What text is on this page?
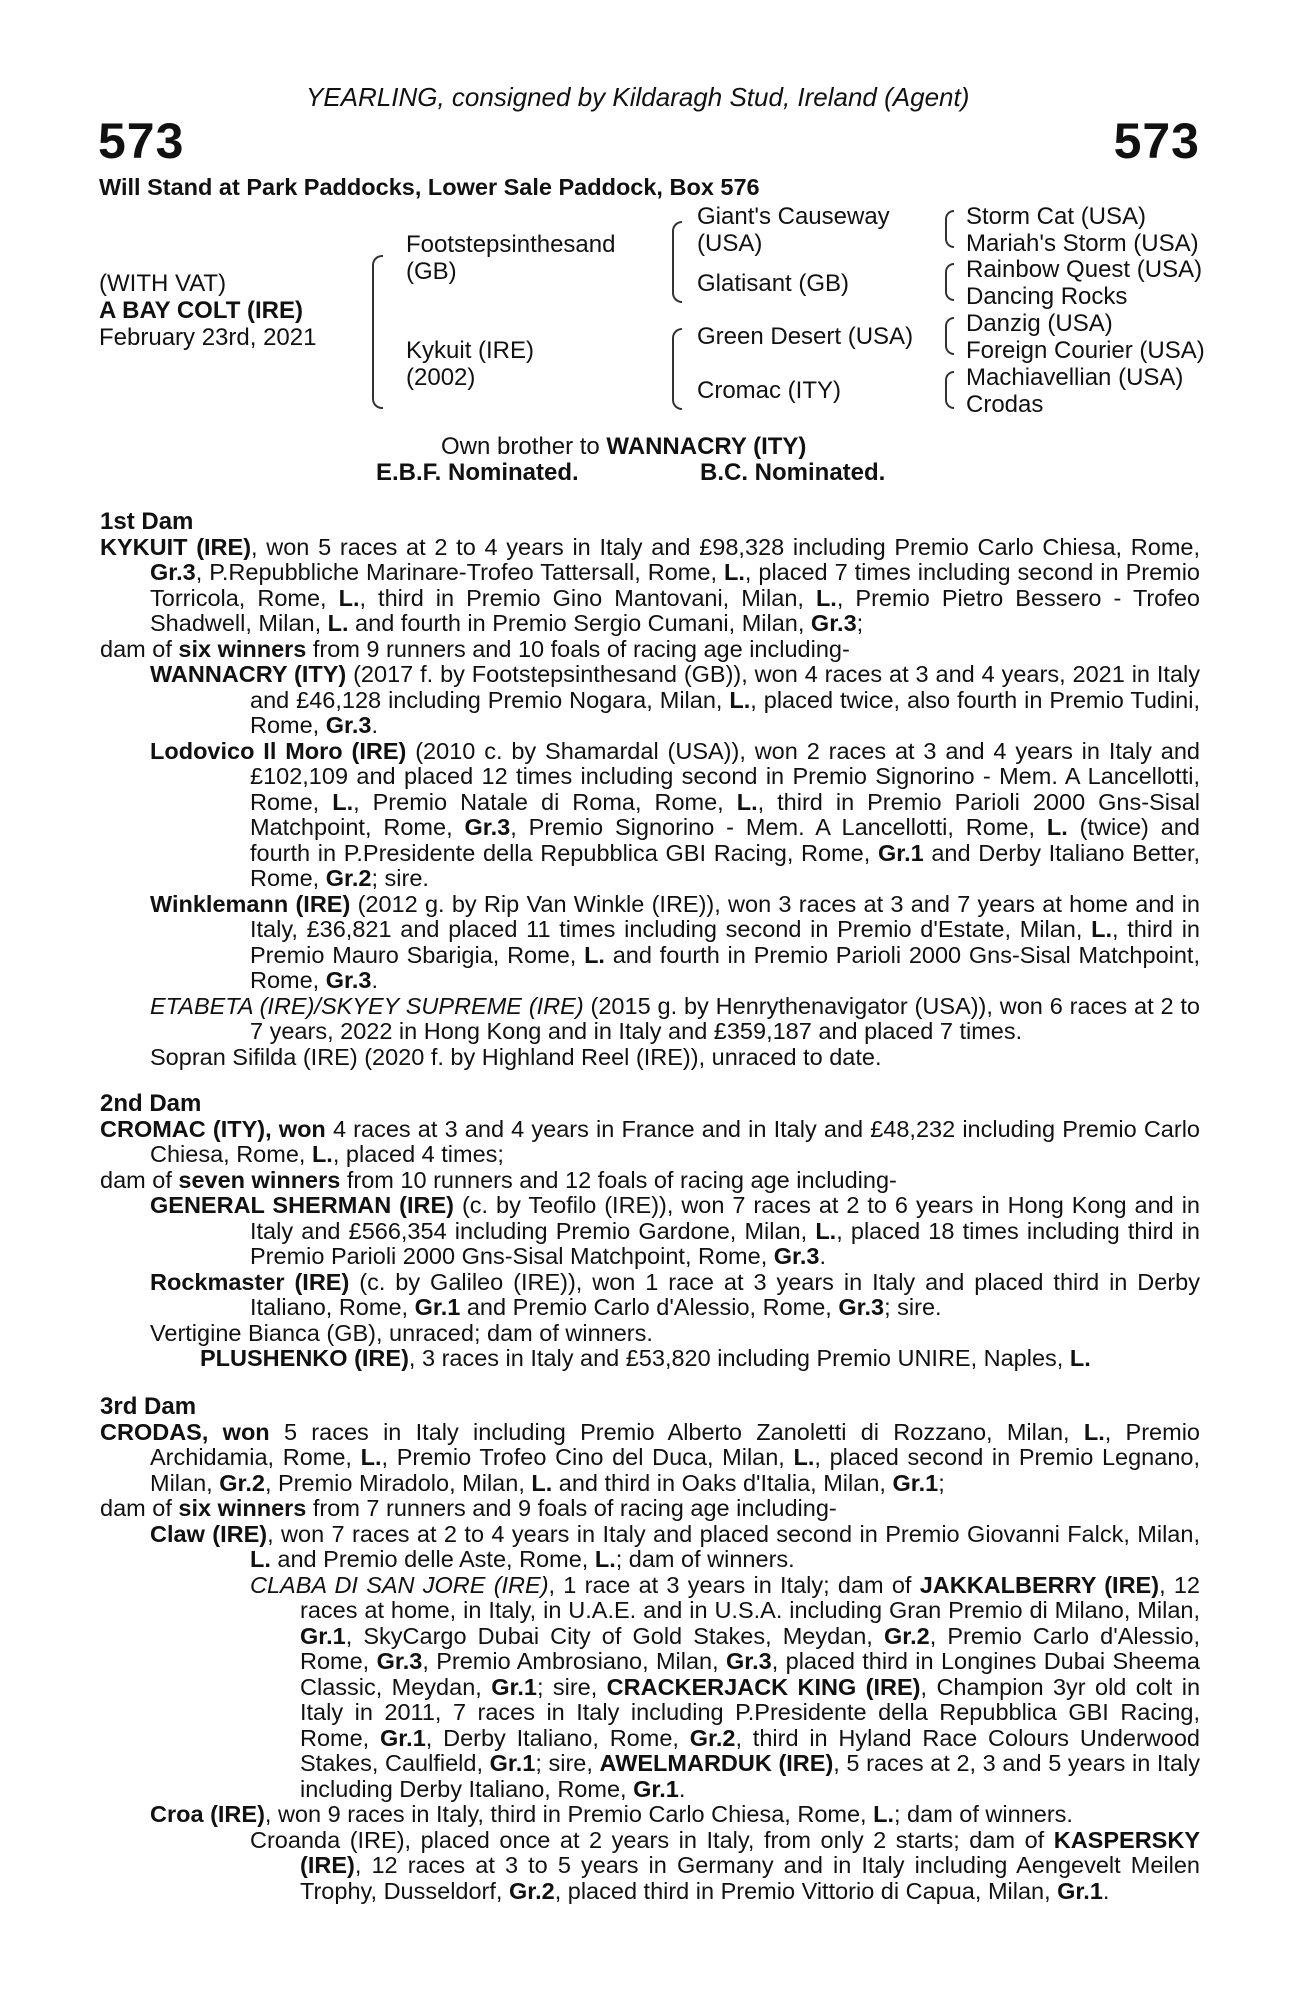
YEARLING, consigned by Kildaragh Stud, Ireland (Agent)
573	573
Will Stand at Park Paddocks, Lower Sale Paddock, Box 576
(WITH VAT)
A BAY COLT (IRE)
February 23rd, 2021
Footstepsinthesand
(GB)
Kykuit (IRE)
(2002)
Giant's Causeway
(USA)
Glatisant (GB)
Green Desert (USA)
Cromac (ITY)
Storm Cat (USA)
Mariah's Storm (USA)
Rainbow Quest (USA)
Dancing Rocks
Danzig (USA)
Foreign Courier (USA)
Machiavellian (USA)
Crodas
Own brother to WANNACRY (ITY)
E.B.F. Nominated.	B.C. Nominated.

1st Dam

KYKUIT (IRE), won 5 races at 2 to 4 years in Italy and £98,328 including Premio Carlo Chiesa, Rome, Gr.3, P.Repubbliche Marinare-Trofeo Tattersall, Rome, L., placed 7 times including second in Premio Torricola, Rome, L., third in Premio Gino Mantovani, Milan, L., Premio Pietro Bessero - Trofeo Shadwell, Milan, L. and fourth in Premio Sergio Cumani, Milan, Gr.3;

dam of six winners from 9 runners and 10 foals of racing age including-

WANNACRY (ITY) (2017 f. by Footstepsinthesand (GB)), won 4 races at 3 and 4 years, 2021 in Italy and £46,128 including Premio Nogara, Milan, L., placed twice, also fourth in Premio Tudini, Rome, Gr.3.

Lodovico Il Moro (IRE) (2010 c. by Shamardal (USA)), won 2 races at 3 and 4 years in Italy and £102,109 and placed 12 times including second in Premio Signorino - Mem. A Lancellotti, Rome, L., Premio Natale di Roma, Rome, L., third in Premio Parioli 2000 Gns-Sisal Matchpoint, Rome, Gr.3, Premio Signorino - Mem. A Lancellotti, Rome, L. (twice) and fourth in P.Presidente della Repubblica GBI Racing, Rome, Gr.1 and Derby Italiano Better, Rome, Gr.2; sire.

Winklemann (IRE) (2012 g. by Rip Van Winkle (IRE)), won 3 races at 3 and 7 years at home and in Italy, £36,821 and placed 11 times including second in Premio d'Estate, Milan, L., third in Premio Mauro Sbarigia, Rome, L. and fourth in Premio Parioli 2000 Gns-Sisal Matchpoint, Rome, Gr.3.

ETABETA (IRE)/SKYEY SUPREME (IRE) (2015 g. by Henrythenavigator (USA)), won 6 races at 2 to 7 years, 2022 in Hong Kong and in Italy and £359,187 and placed 7 times.

Sopran Sifilda (IRE) (2020 f. by Highland Reel (IRE)), unraced to date.

2nd Dam

CROMAC (ITY), won 4 races at 3 and 4 years in France and in Italy and £48,232 including Premio Carlo Chiesa, Rome, L., placed 4 times;

dam of seven winners from 10 runners and 12 foals of racing age including-

GENERAL SHERMAN (IRE) (c. by Teofilo (IRE)), won 7 races at 2 to 6 years in Hong Kong and in Italy and £566,354 including Premio Gardone, Milan, L., placed 18 times including third in Premio Parioli 2000 Gns-Sisal Matchpoint, Rome, Gr.3.

Rockmaster (IRE) (c. by Galileo (IRE)), won 1 race at 3 years in Italy and placed third in Derby Italiano, Rome, Gr.1 and Premio Carlo d'Alessio, Rome, Gr.3; sire.

Vertigine Bianca (GB), unraced; dam of winners.

PLUSHENKO (IRE), 3 races in Italy and £53,820 including Premio UNIRE, Naples, L.

3rd Dam

CRODAS, won 5 races in Italy including Premio Alberto Zanoletti di Rozzano, Milan, L., Premio Archidamia, Rome, L., Premio Trofeo Cino del Duca, Milan, L., placed second in Premio Legnano, Milan, Gr.2, Premio Miradolo, Milan, L. and third in Oaks d'Italia, Milan, Gr.1;

dam of six winners from 7 runners and 9 foals of racing age including-

Claw (IRE), won 7 races at 2 to 4 years in Italy and placed second in Premio Giovanni Falck, Milan, L. and Premio delle Aste, Rome, L.; dam of winners.

CLABA DI SAN JORE (IRE), 1 race at 3 years in Italy; dam of JAKKALBERRY (IRE), 12 races at home, in Italy, in U.A.E. and in U.S.A. including Gran Premio di Milano, Milan, Gr.1, SkyCargo Dubai City of Gold Stakes, Meydan, Gr.2, Premio Carlo d'Alessio, Rome, Gr.3, Premio Ambrosiano, Milan, Gr.3, placed third in Longines Dubai Sheema Classic, Meydan, Gr.1; sire, CRACKERJACK KING (IRE), Champion 3yr old colt in Italy in 2011, 7 races in Italy including P.Presidente della Repubblica GBI Racing, Rome, Gr.1, Derby Italiano, Rome, Gr.2, third in Hyland Race Colours Underwood Stakes, Caulfield, Gr.1; sire, AWELMARDUK (IRE), 5 races at 2, 3 and 5 years in Italy including Derby Italiano, Rome, Gr.1.

Croa (IRE), won 9 races in Italy, third in Premio Carlo Chiesa, Rome, L.; dam of winners.

Croanda (IRE), placed once at 2 years in Italy, from only 2 starts; dam of KASPERSKY (IRE), 12 races at 3 to 5 years in Germany and in Italy including Aengevelt Meilen Trophy, Dusseldorf, Gr.2, placed third in Premio Vittorio di Capua, Milan, Gr.1.
